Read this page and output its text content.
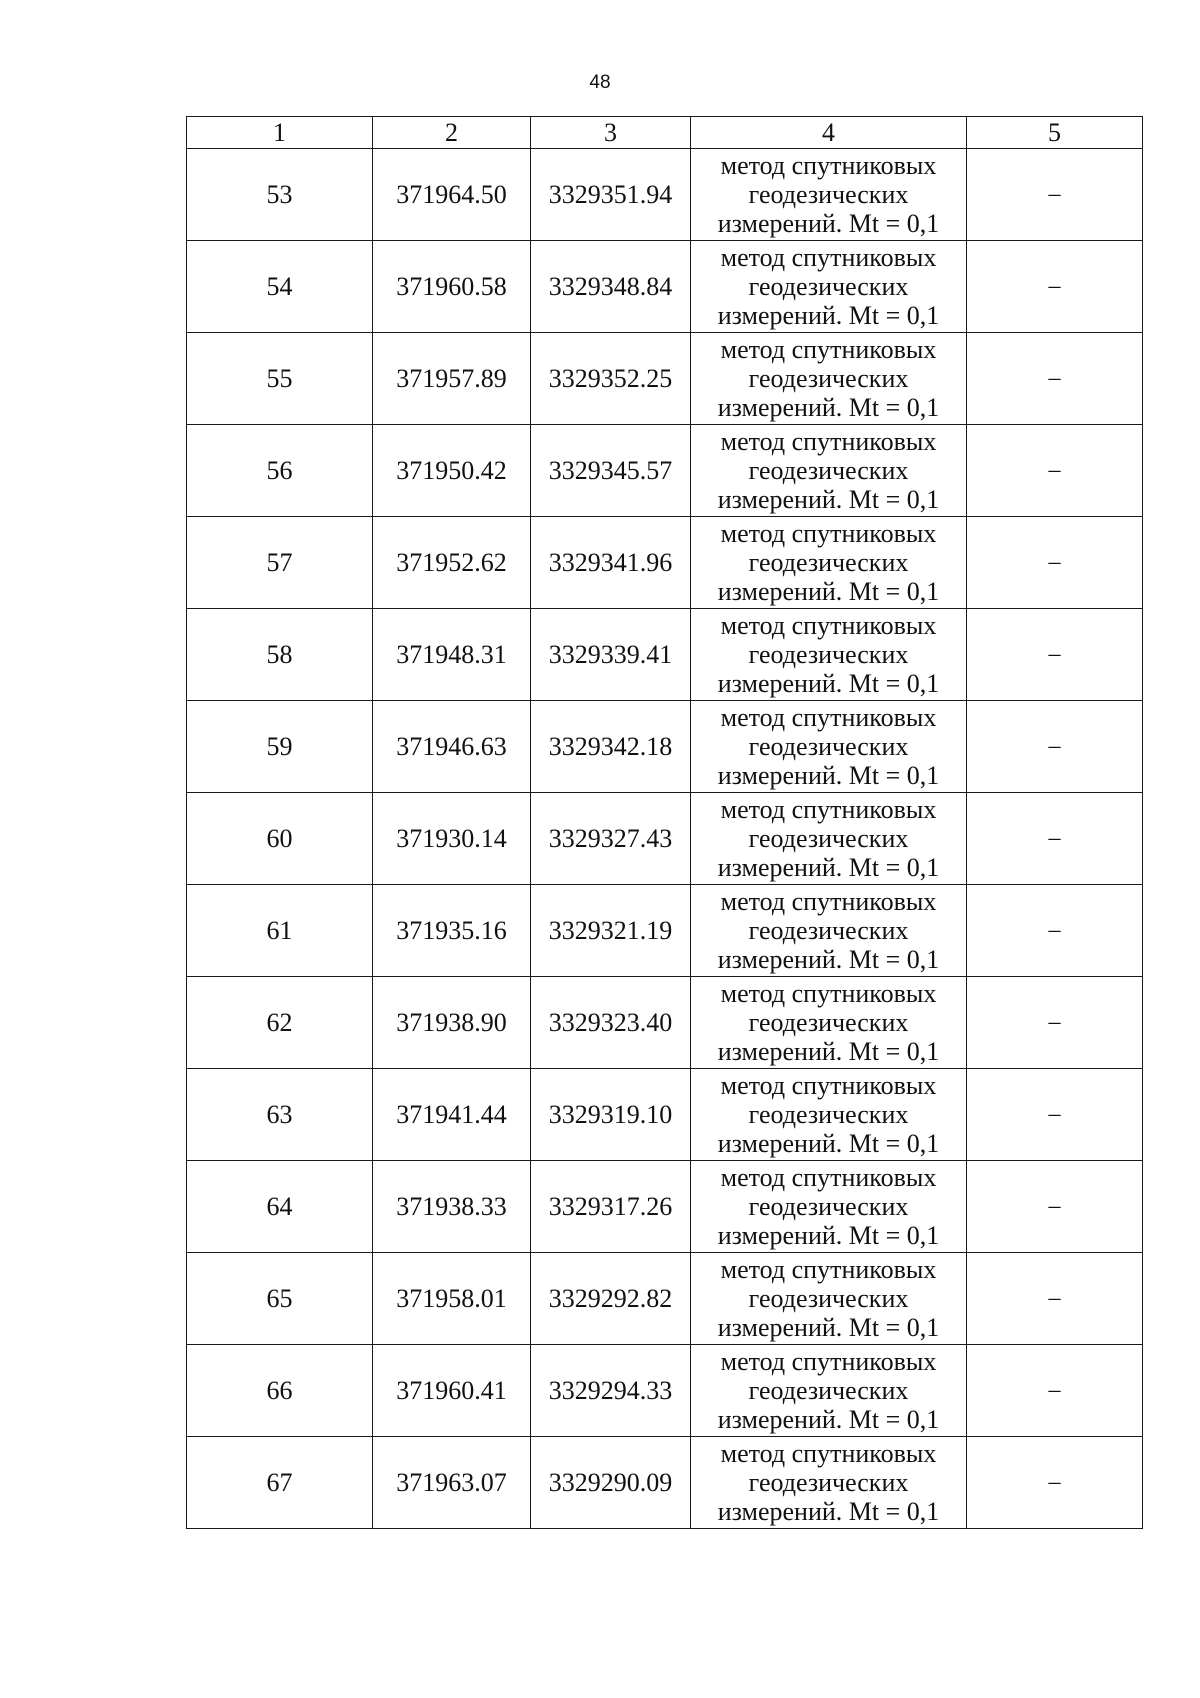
48
1	2	3	4	5
53	371964.50	3329351.94	метод спутниковых
геодезических
измерений. Mt = 0,1	–
54	371960.58	3329348.84	метод спутниковых
геодезических
измерений. Mt = 0,1	–
55	371957.89	3329352.25	метод спутниковых
геодезических
измерений. Mt = 0,1	–
56	371950.42	3329345.57	метод спутниковых
геодезических
измерений. Mt = 0,1	–
57	371952.62	3329341.96	метод спутниковых
геодезических
измерений. Mt = 0,1	–
58	371948.31	3329339.41	метод спутниковых
геодезических
измерений. Mt = 0,1	–
59	371946.63	3329342.18	метод спутниковых
геодезических
измерений. Mt = 0,1	–
60	371930.14	3329327.43	метод спутниковых
геодезических
измерений. Mt = 0,1	–
61	371935.16	3329321.19	метод спутниковых
геодезических
измерений. Mt = 0,1	–
62	371938.90	3329323.40	метод спутниковых
геодезических
измерений. Mt = 0,1	–
63	371941.44	3329319.10	метод спутниковых
геодезических
измерений. Mt = 0,1	–
64	371938.33	3329317.26	метод спутниковых
геодезических
измерений. Mt = 0,1	–
65	371958.01	3329292.82	метод спутниковых
геодезических
измерений. Mt = 0,1	–
66	371960.41	3329294.33	метод спутниковых
геодезических
измерений. Mt = 0,1	–
67	371963.07	3329290.09	метод спутниковых
геодезических
измерений. Mt = 0,1	–
